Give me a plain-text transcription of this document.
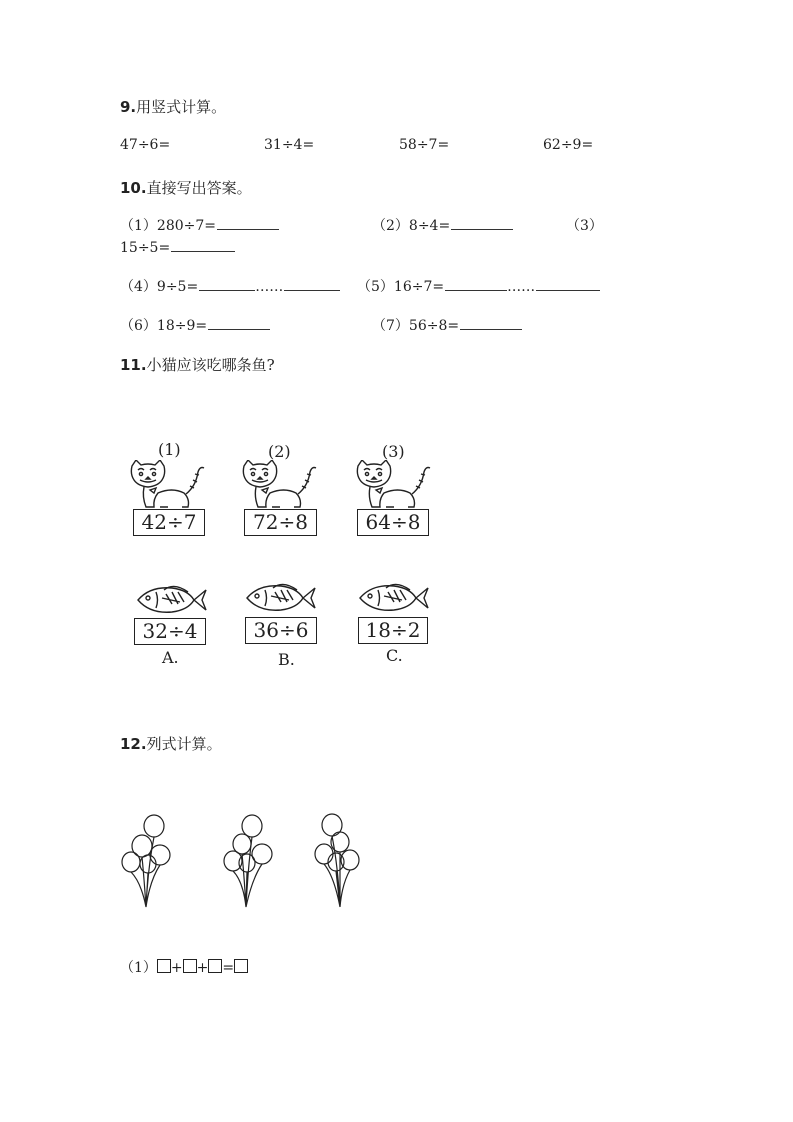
9.用竖式计算。
47÷6=	31÷4=	58÷7=	62÷9=
10.直接写出答案。
（1）280÷7=	（2）8÷4=	（3）
15÷5=
（4）9÷5=	……	（5）16÷7=	……
（6）18÷9=	（7）56÷8=
11.小猫应该吃哪条鱼?
(1)	(2)	(3)
42÷7	72÷8	64÷8
32÷4	36÷6	18÷2
A.	B.	C.
12.列式计算。
（1） + + =
